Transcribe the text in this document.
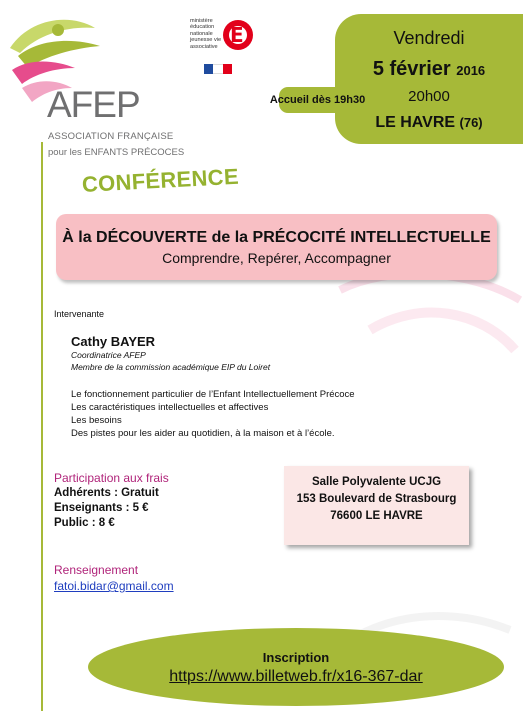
AFEP
ASSOCIATION FRANÇAISE
pour les ENFANTS PRÉCOCES
ministère éducation nationale jeunesse vie associative É	Vendredi
5 février 2016
20h00
LE HAVRE (76)
Accueil dès 19h30
CONFÉRENCE
À la DÉCOUVERTE de la PRÉCOCITÉ INTELLECTUELLE
Comprendre, Repérer, Accompagner
Intervenante
Cathy BAYER
Coordinatrice AFEP
Membre de la commission académique EIP du Loiret
Le fonctionnement particulier de l’Enfant Intellectuellement Précoce
Les caractéristiques intellectuelles et affectives
Les besoins
Des pistes pour les aider au quotidien, à la maison et à l’école.
Participation aux frais
Adhérents : Gratuit
Enseignants : 5 €
Public : 8 €
Salle Polyvalente UCJG
153 Boulevard de Strasbourg
76600 LE HAVRE
Renseignement
fatoi.bidar@gmail.com
Inscription
https://www.billetweb.fr/x16-367-dar
